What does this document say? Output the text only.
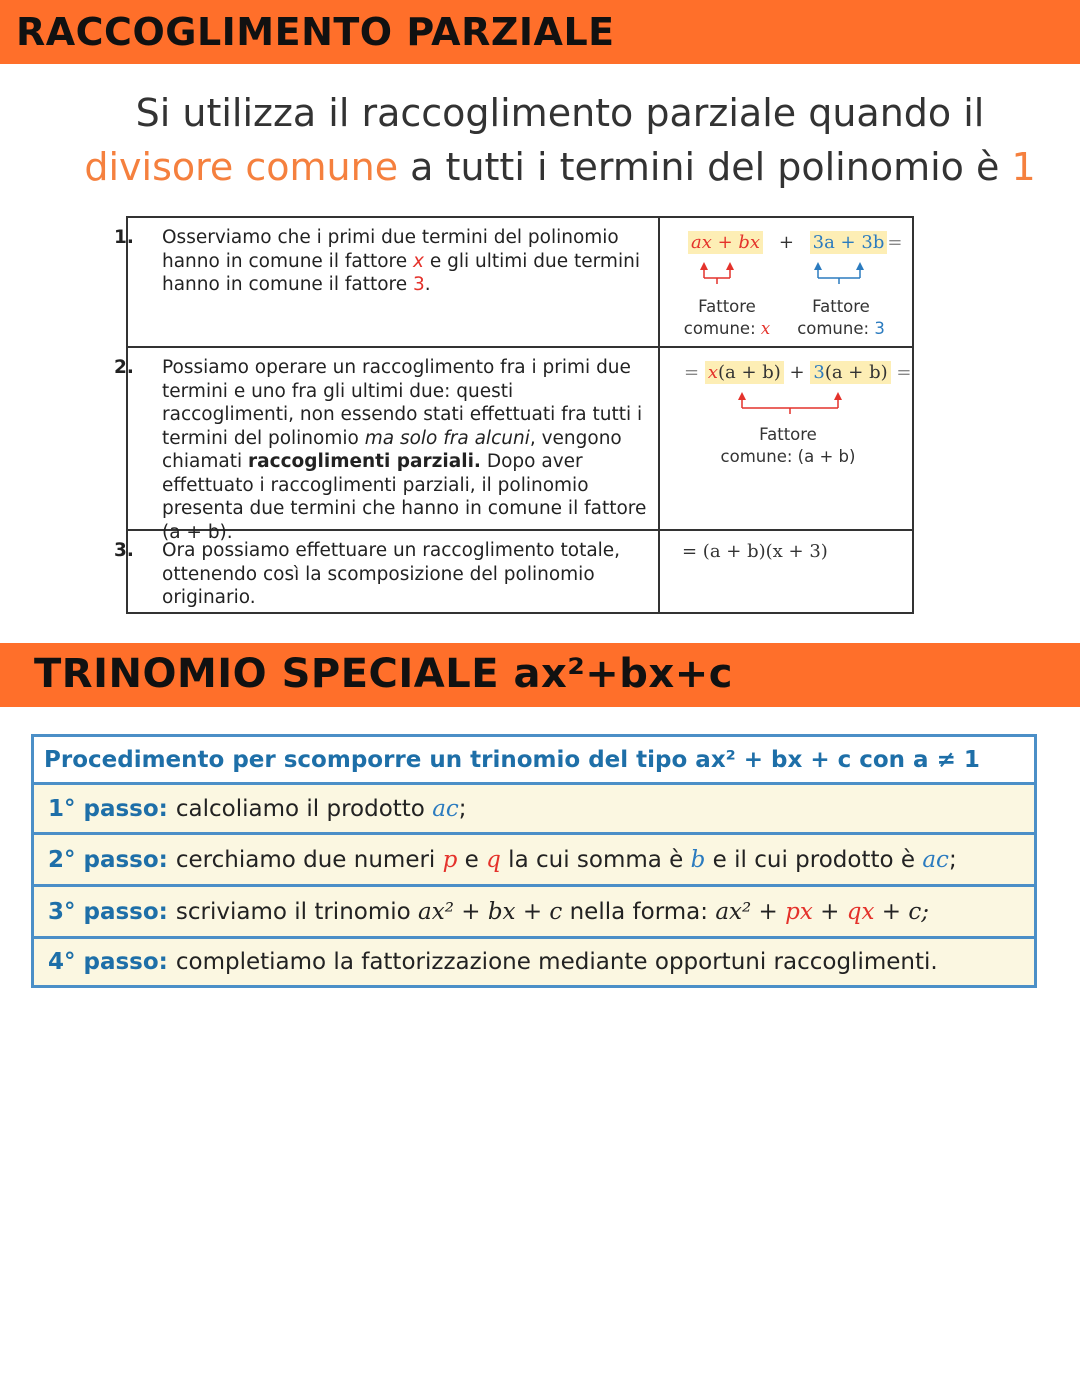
RACCOGLIMENTO PARZIALE
Si utilizza il raccoglimento parziale quando il divisore comune a tutti i termini del polinomio è 1
1. Osserviamo che i primi due termini del polinomio hanno in comune il fattore x e gli ultimi due termini hanno in comune il fattore 3.
ax + bx + 3a + 3b =
Fattore
comune: x
Fattore
comune: 3
2. Possiamo operare un raccoglimento fra i primi due termini e uno fra gli ultimi due: questi raccoglimenti, non essendo stati effettuati fra tutti i termini del polinomio ma solo fra alcuni, vengono chiamati raccoglimenti parziali. Dopo aver effettuato i raccoglimenti parziali, il polinomio presenta due termini che hanno in comune il fattore (a + b).
= x(a + b) + 3(a + b) =
Fattore
comune: (a + b)
3. Ora possiamo effettuare un raccoglimento totale, ottenendo così la scomposizione del polinomio originario.
= (a + b)(x + 3)
TRINOMIO SPECIALE ax²+bx+c
Procedimento per scomporre un trinomio del tipo ax² + bx + c con a ≠ 1
1° passo: calcoliamo il prodotto ac ;
2° passo: cerchiamo due numeri p e q la cui somma è b e il cui prodotto è ac ;
3° passo: scriviamo il trinomio ax² + bx + c nella forma: ax² + px + qx + c;
4° passo: completiamo la fattorizzazione mediante opportuni raccoglimenti.
